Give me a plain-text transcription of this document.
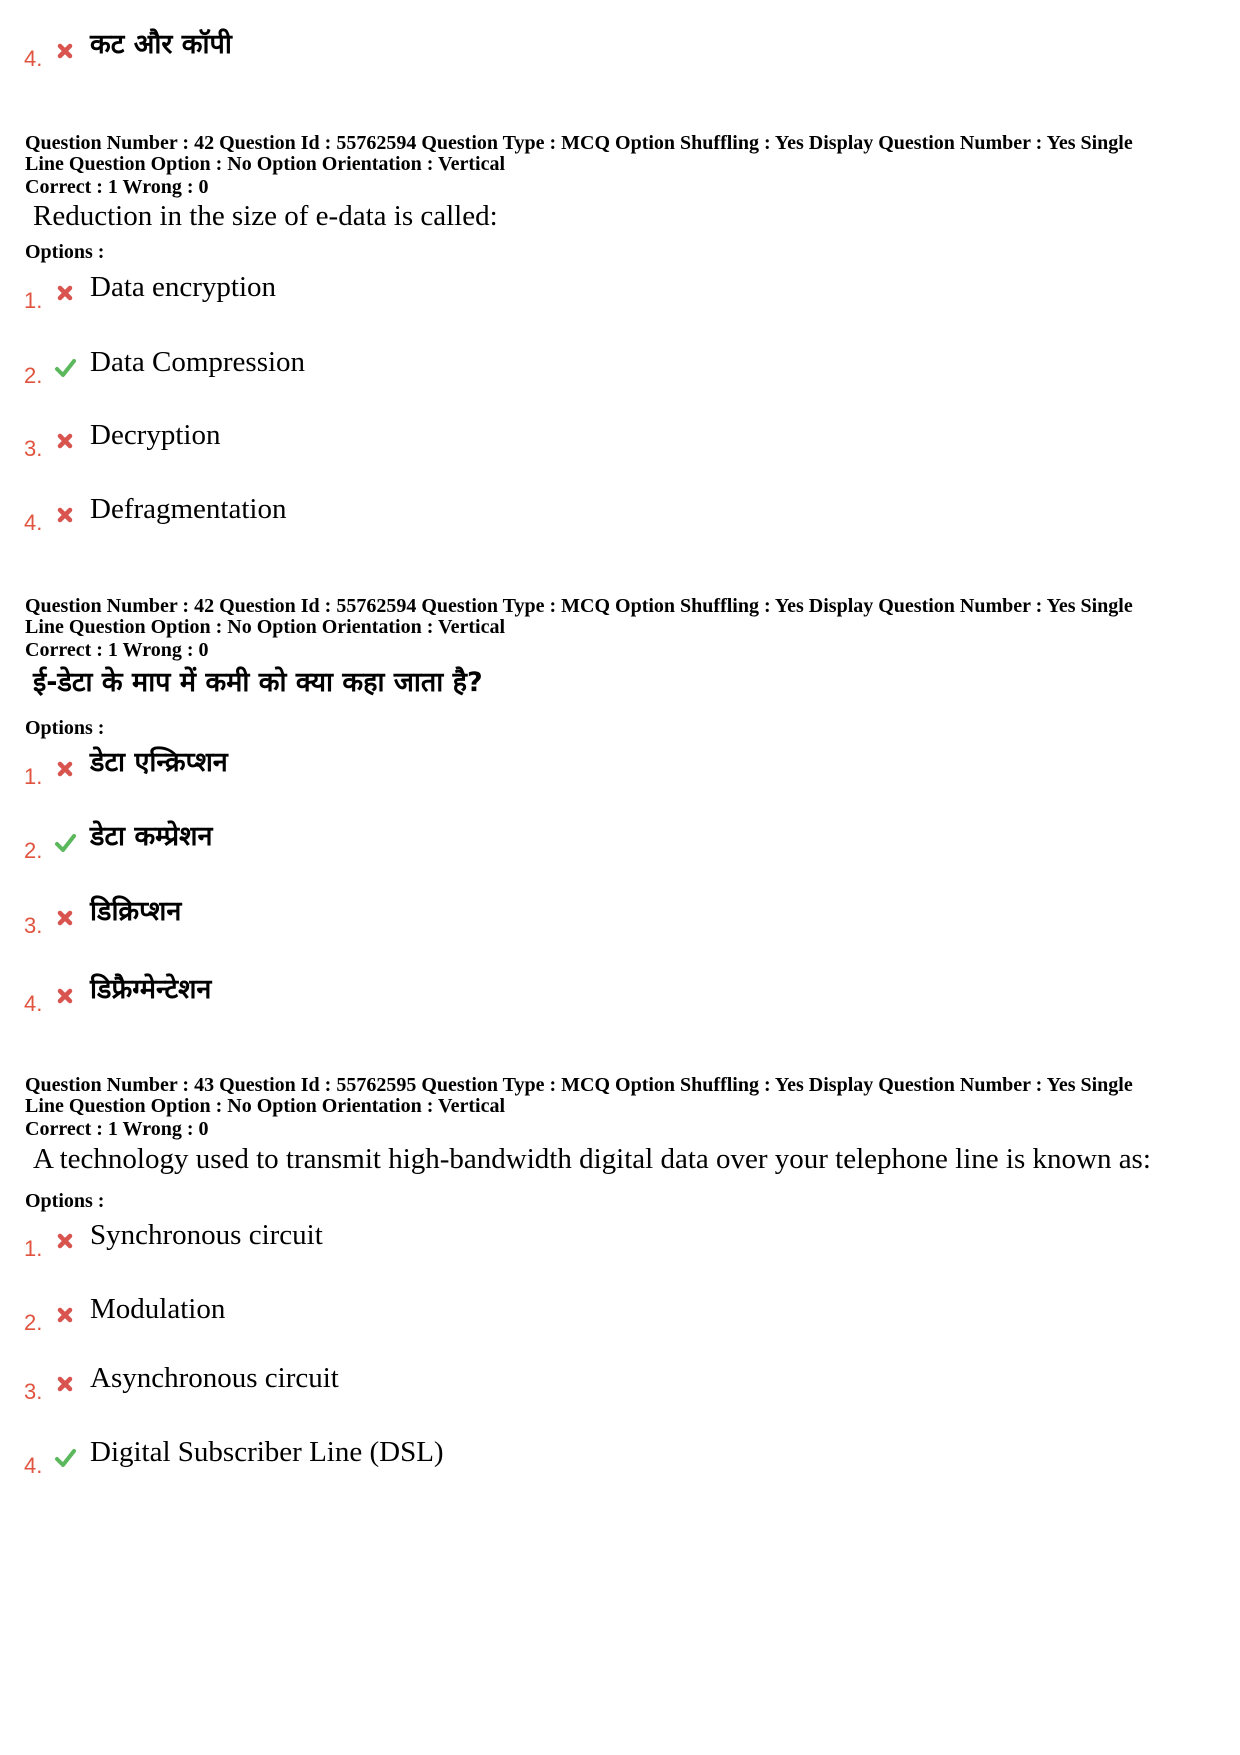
4.	कट और कॉपी
Question Number : 42 Question Id : 55762594 Question Type : MCQ Option Shuffling : Yes Display Question Number : Yes Single
Line Question Option : No Option Orientation : Vertical
Correct : 1 Wrong : 0
Reduction in the size of e-data is called:
Options :
1.	Data encryption
2.	Data Compression
3.	Decryption
4.	Defragmentation
Question Number : 42 Question Id : 55762594 Question Type : MCQ Option Shuffling : Yes Display Question Number : Yes Single
Line Question Option : No Option Orientation : Vertical
Correct : 1 Wrong : 0
ई-डेटा के माप में कमी को क्या कहा जाता है?
Options :
1.	डेटा एन्क्रिप्शन
2.	डेटा कम्प्रेशन
3.	डिक्रिप्शन
4.	डिफ्रैग्मेन्टेशन
Question Number : 43 Question Id : 55762595 Question Type : MCQ Option Shuffling : Yes Display Question Number : Yes Single
Line Question Option : No Option Orientation : Vertical
Correct : 1 Wrong : 0
A technology used to transmit high-bandwidth digital data over your telephone line is known as:
Options :
1.	Synchronous circuit
2.	Modulation
3.	Asynchronous circuit
4.	Digital Subscriber Line (DSL)
